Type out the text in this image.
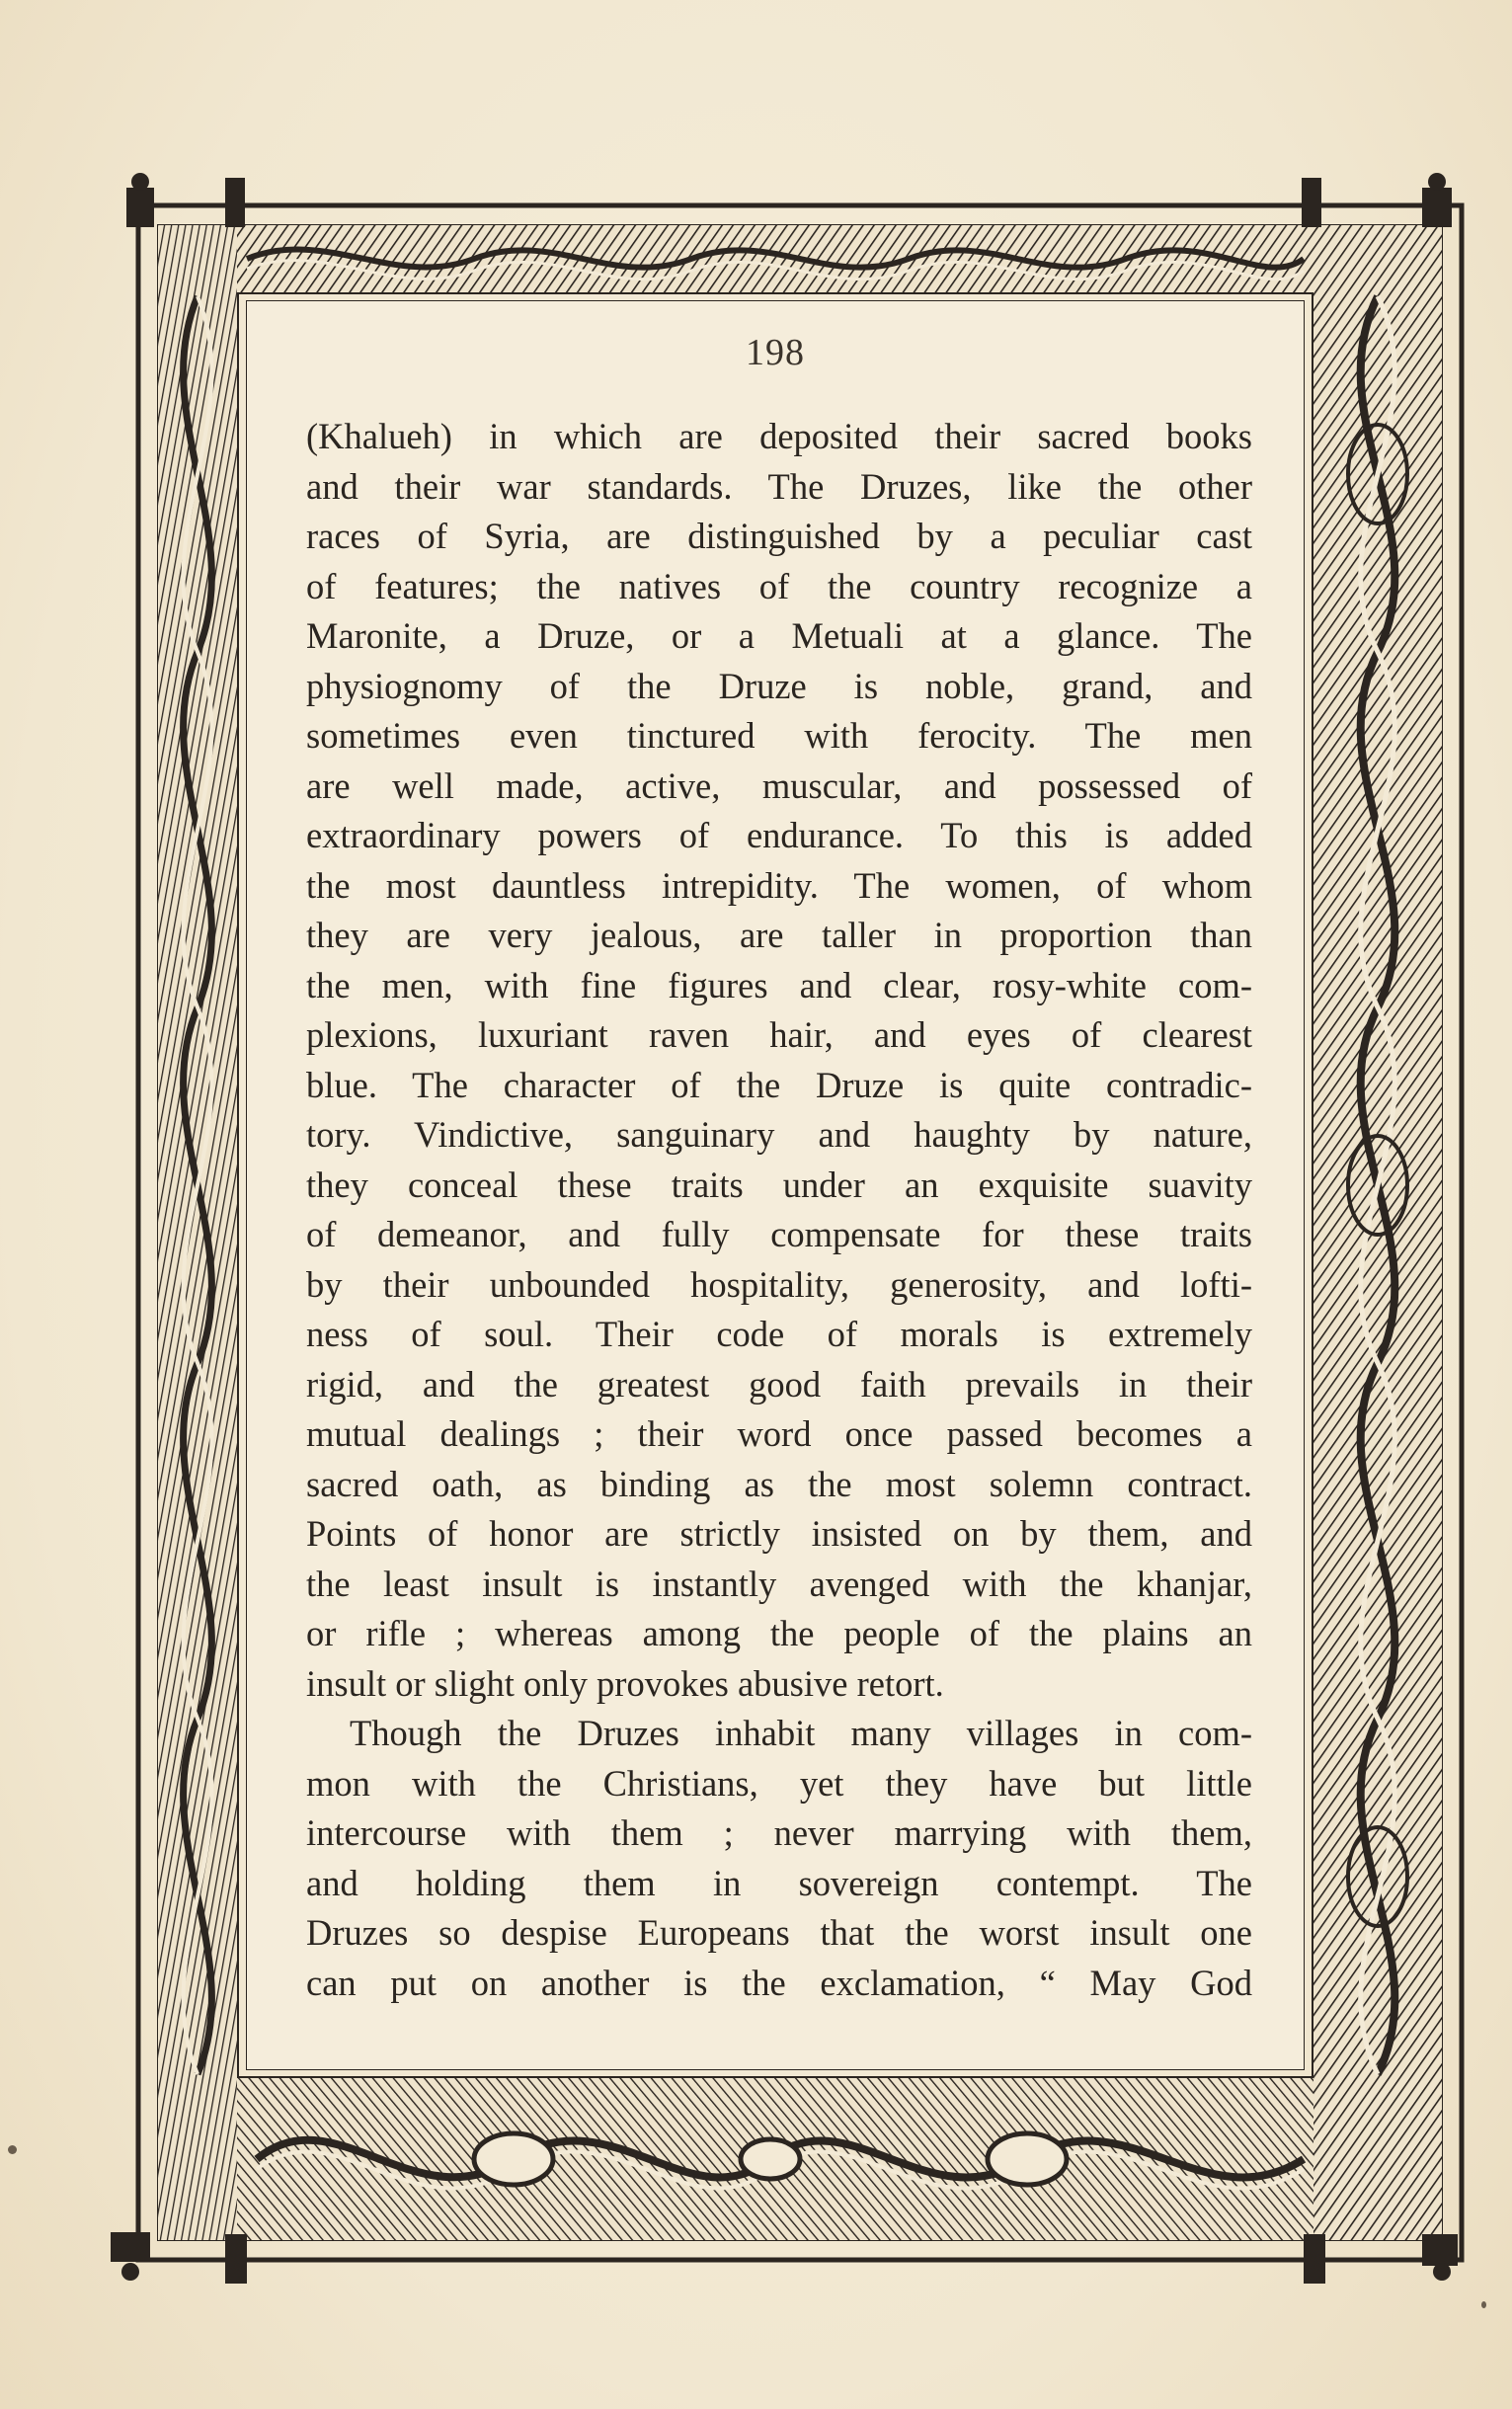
198
(Khalueh) in which are deposited their sacred books
and their war standards. The Druzes, like the other
races of Syria, are distinguished by a peculiar cast
of features; the natives of the country recognize a
Maronite, a Druze, or a Metuali at a glance. The
physiognomy of the Druze is noble, grand, and
sometimes even tinctured with ferocity. The men
are well made, active, muscular, and possessed of
extraordinary powers of endurance. To this is added
the most dauntless intrepidity. The women, of whom
they are very jealous, are taller in proportion than
the men, with fine figures and clear, rosy-white com-
plexions, luxuriant raven hair, and eyes of clearest
blue. The character of the Druze is quite contradic-
tory. Vindictive, sanguinary and haughty by nature,
they conceal these traits under an exquisite suavity
of demeanor, and fully compensate for these traits
by their unbounded hospitality, generosity, and lofti-
ness of soul. Their code of morals is extremely
rigid, and the greatest good faith prevails in their
mutual dealings ; their word once passed becomes a
sacred oath, as binding as the most solemn contract.
Points of honor are strictly insisted on by them, and
the least insult is instantly avenged with the khanjar,
or rifle ; whereas among the people of the plains an
insult or slight only provokes abusive retort.
Though the Druzes inhabit many villages in com-
mon with the Christians, yet they have but little
intercourse with them ; never marrying with them,
and holding them in sovereign contempt. The
Druzes so despise Europeans that the worst insult one
can put on another is the exclamation, “ May God
